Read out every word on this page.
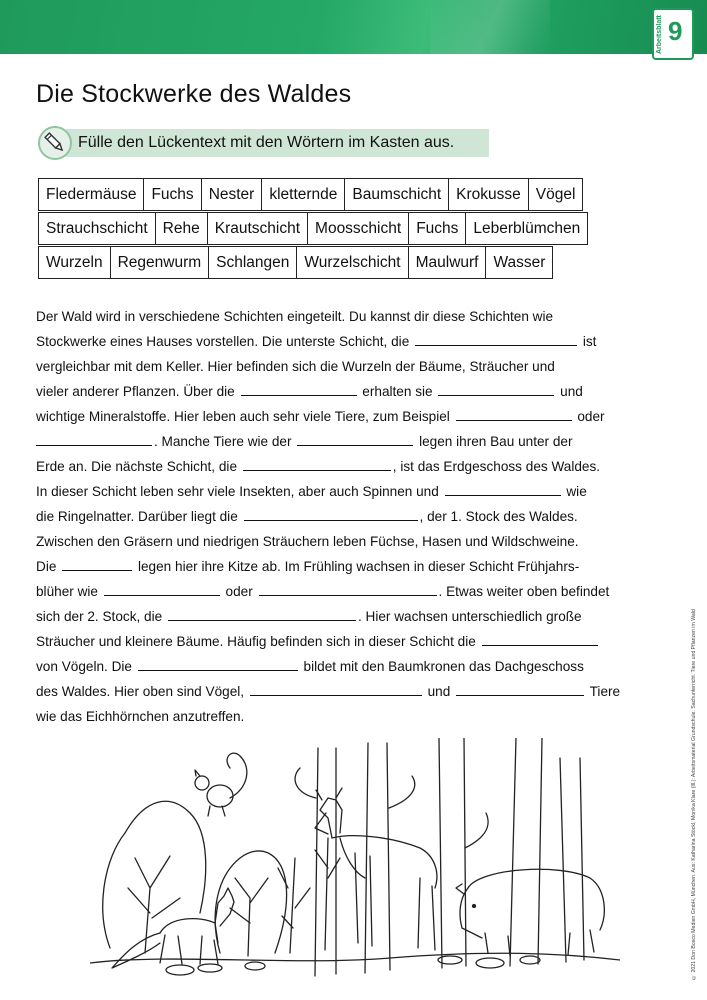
Arbeitsblatt 9
Die Stockwerke des Waldes
Fülle den Lückentext mit den Wörtern im Kasten aus.
Fledermäuse Fuchs Nester kletternde Baumschicht Krokusse Vögel
Strauchschicht Rehe Krautschicht Moosschicht Fuchs Leberblümchen
Wurzeln Regenwurm Schlangen Wurzelschicht Maulwurf Wasser
Der Wald wird in verschiedene Schichten eingeteilt. Du kannst dir diese Schichten wie
Stockwerke eines Hauses vorstellen. Die unterste Schicht, die	ist
vergleichbar mit dem Keller. Hier befinden sich die Wurzeln der Bäume, Sträucher und
vieler anderer Pflanzen. Über die	erhalten sie	und
wichtige Mineralstoffe. Hier leben auch sehr viele Tiere, zum Beispiel	oder
. Manche Tiere wie der	legen ihren Bau unter der
Erde an. Die nächste Schicht, die	, ist das Erdgeschoss des Waldes.
In dieser Schicht leben sehr viele Insekten, aber auch Spinnen und	wie
die Ringelnatter. Darüber liegt die	, der 1. Stock des Waldes.
Zwischen den Gräsern und niedrigen Sträuchern leben Füchse, Hasen und Wildschweine.
Die	legen hier ihre Kitze ab. Im Frühling wachsen in dieser Schicht Frühjahrs-
blüher wie	oder	. Etwas weiter oben befindet
sich der 2. Stock, die	. Hier wachsen unterschiedlich große
Sträucher und kleinere Bäume. Häufig befinden sich in dieser Schicht die
von Vögeln. Die	bildet mit den Baumkronen das Dachgeschoss
des Waldes. Hier oben sind Vögel,	und	Tiere
wie das Eichhörnchen anzutreffen.	© 2021 Don Bosco Medien GmbH, München. Aus: Katharina Stöckl, Monika Klare (Ill.): Arbeitsmaterial Grundschule. Sachunterricht. Tiere und Pflanzen im Wald
